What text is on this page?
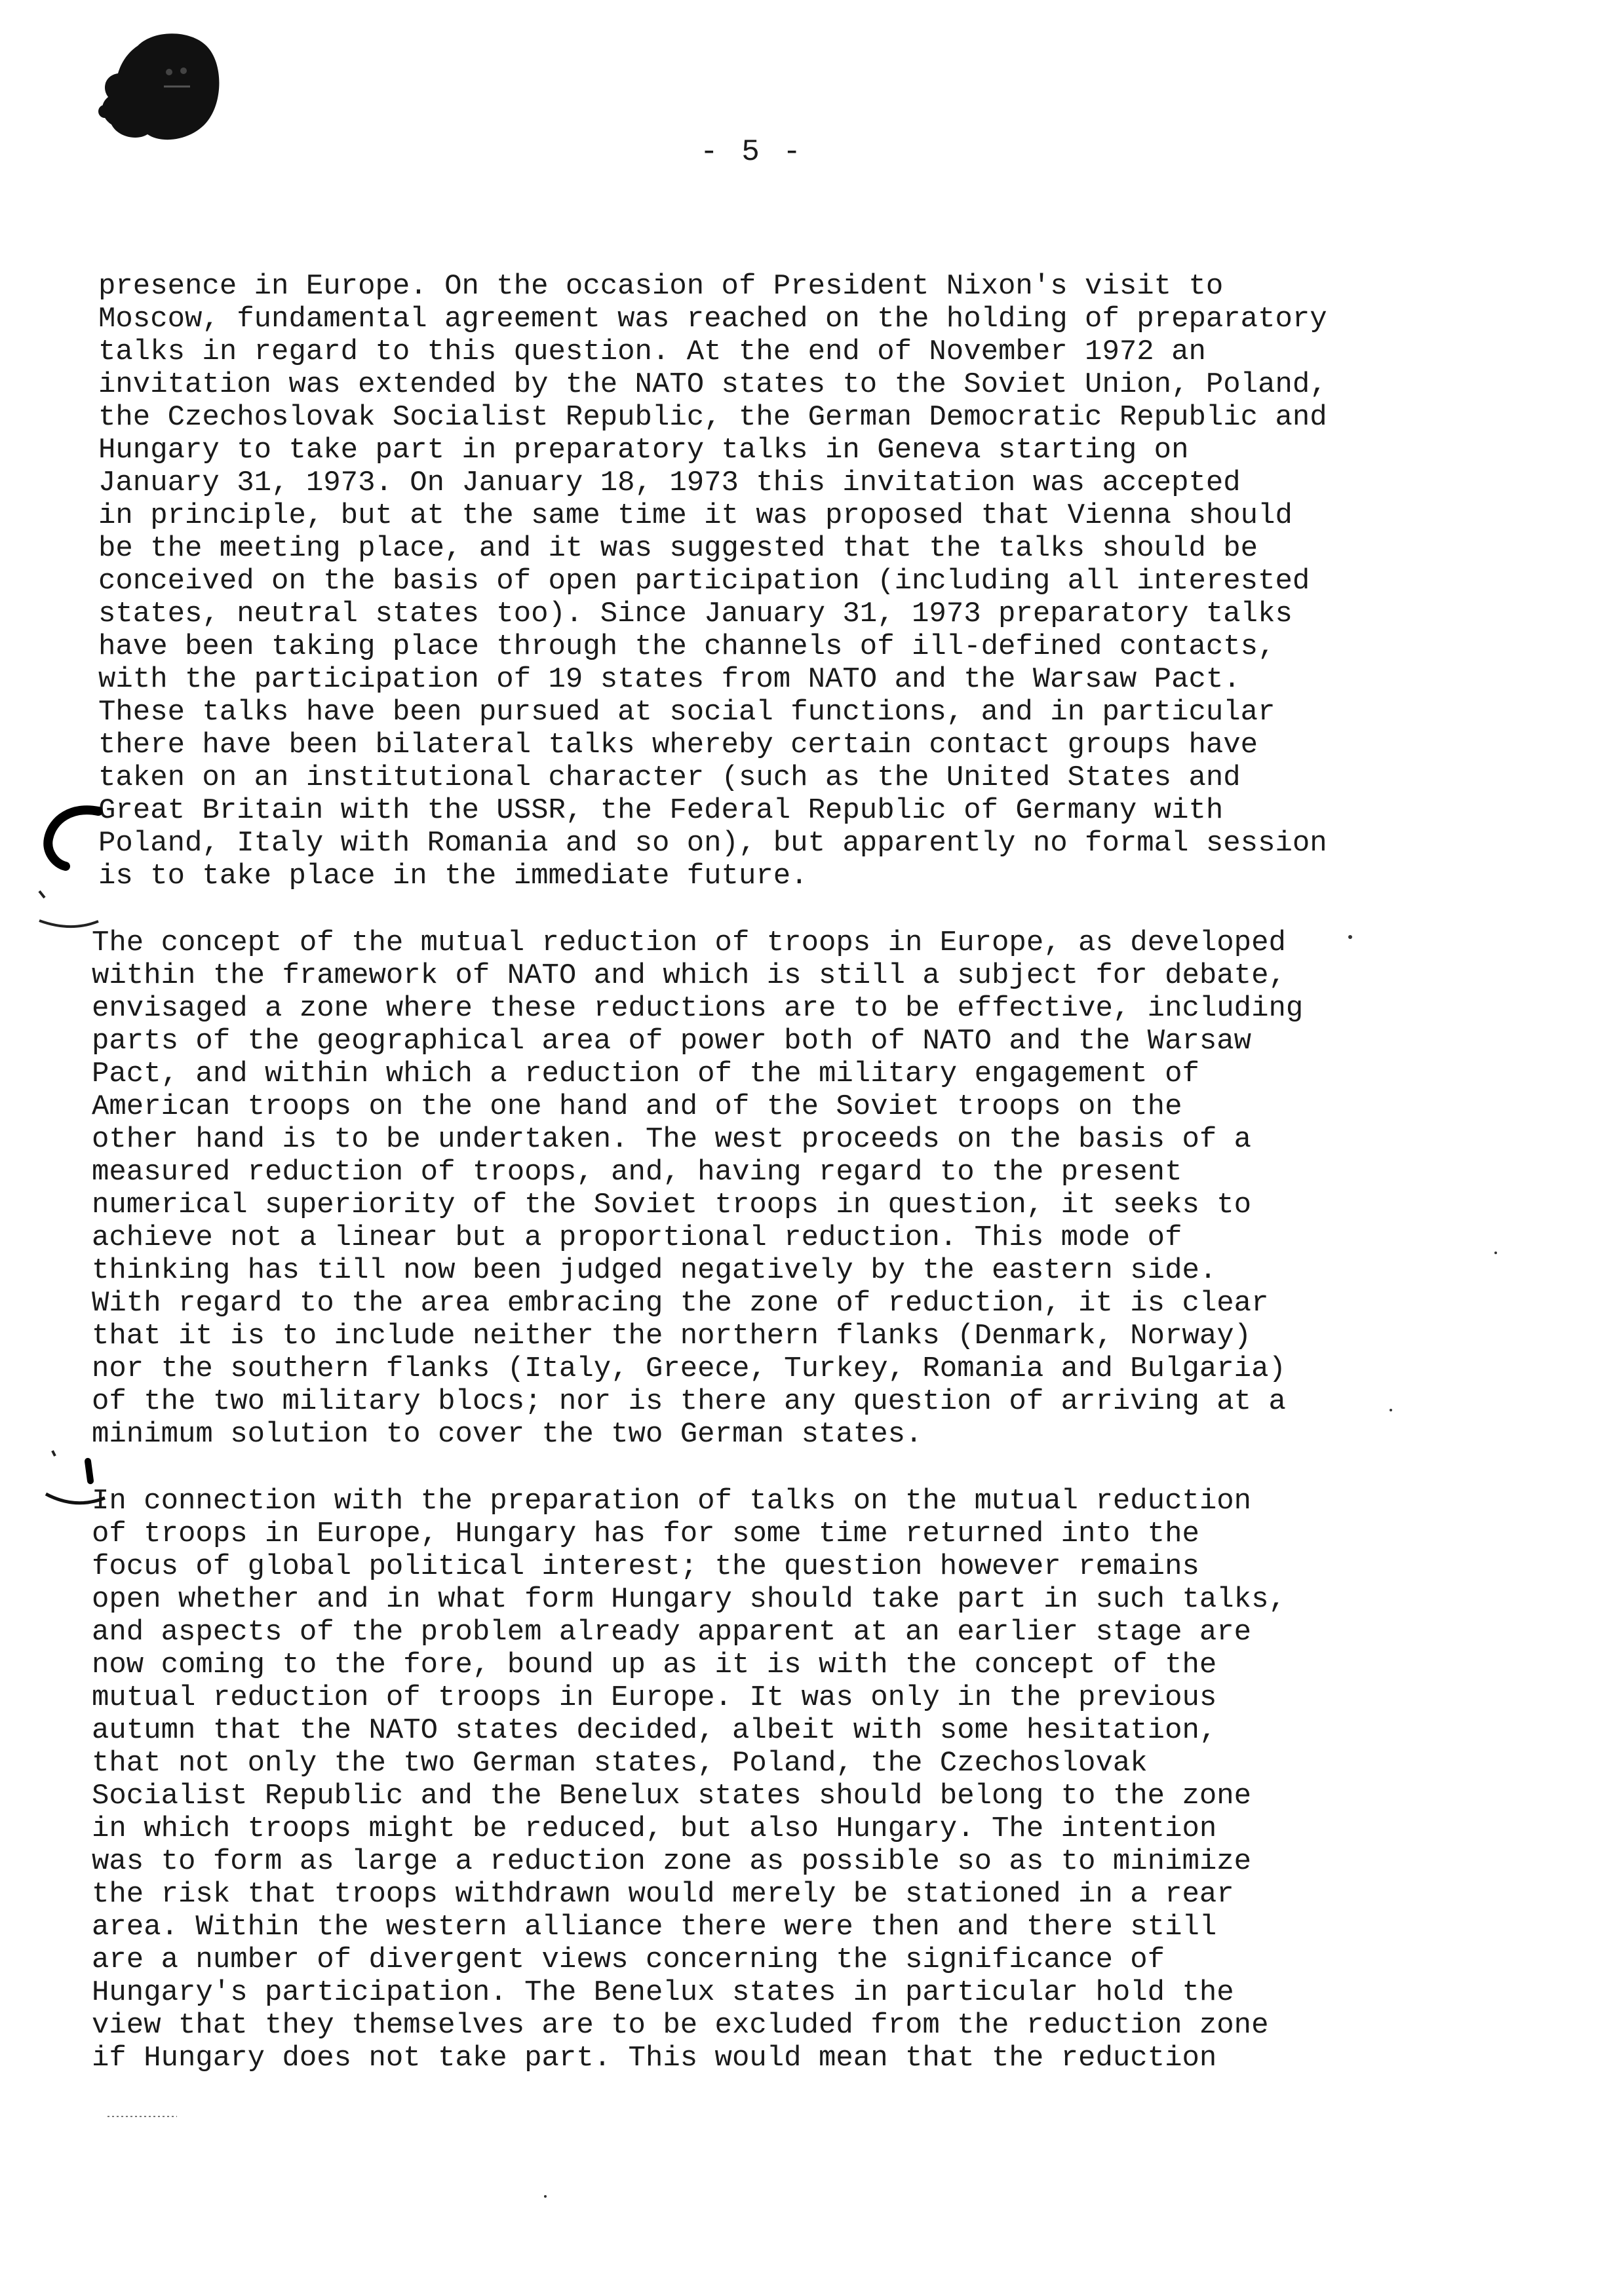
- 5 -
presence in Europe. On the occasion of President Nixon's visit to
Moscow, fundamental agreement was reached on the holding of preparatory
talks in regard to this question. At the end of November 1972 an
invitation was extended by the NATO states to the Soviet Union, Poland,
the Czechoslovak Socialist Republic, the German Democratic Republic and
Hungary to take part in preparatory talks in Geneva starting on
January 31, 1973. On January 18, 1973 this invitation was accepted
in principle, but at the same time it was proposed that Vienna should
be the meeting place, and it was suggested that the talks should be
conceived on the basis of open participation (including all interested
states, neutral states too). Since January 31, 1973 preparatory talks
have been taking place through the channels of ill-defined contacts,
with the participation of 19 states from NATO and the Warsaw Pact.
These talks have been pursued at social functions, and in particular
there have been bilateral talks whereby certain contact groups have
taken on an institutional character (such as the United States and
Great Britain with the USSR, the Federal Republic of Germany with
Poland, Italy with Romania and so on), but apparently no formal session
is to take place in the immediate future.
The concept of the mutual reduction of troops in Europe, as developed
within the framework of NATO and which is still a subject for debate,
envisaged a zone where these reductions are to be effective, including
parts of the geographical area of power both of NATO and the Warsaw
Pact, and within which a reduction of the military engagement of
American troops on the one hand and of the Soviet troops on the
other hand is to be undertaken. The west proceeds on the basis of a
measured reduction of troops, and, having regard to the present
numerical superiority of the Soviet troops in question, it seeks to
achieve not a linear but a proportional reduction. This mode of
thinking has till now been judged negatively by the eastern side.
With regard to the area embracing the zone of reduction, it is clear
that it is to include neither the northern flanks (Denmark, Norway)
nor the southern flanks (Italy, Greece, Turkey, Romania and Bulgaria)
of the two military blocs; nor is there any question of arriving at a
minimum solution to cover the two German states.
In connection with the preparation of talks on the mutual reduction
of troops in Europe, Hungary has for some time returned into the
focus of global political interest; the question however remains
open whether and in what form Hungary should take part in such talks,
and aspects of the problem already apparent at an earlier stage are
now coming to the fore, bound up as it is with the concept of the
mutual reduction of troops in Europe. It was only in the previous
autumn that the NATO states decided, albeit with some hesitation,
that not only the two German states, Poland, the Czechoslovak
Socialist Republic and the Benelux states should belong to the zone
in which troops might be reduced, but also Hungary. The intention
was to form as large a reduction zone as possible so as to minimize
the risk that troops withdrawn would merely be stationed in a rear
area. Within the western alliance there were then and there still
are a number of divergent views concerning the significance of
Hungary's participation. The Benelux states in particular hold the
view that they themselves are to be excluded from the reduction zone
if Hungary does not take part. This would mean that the reduction
